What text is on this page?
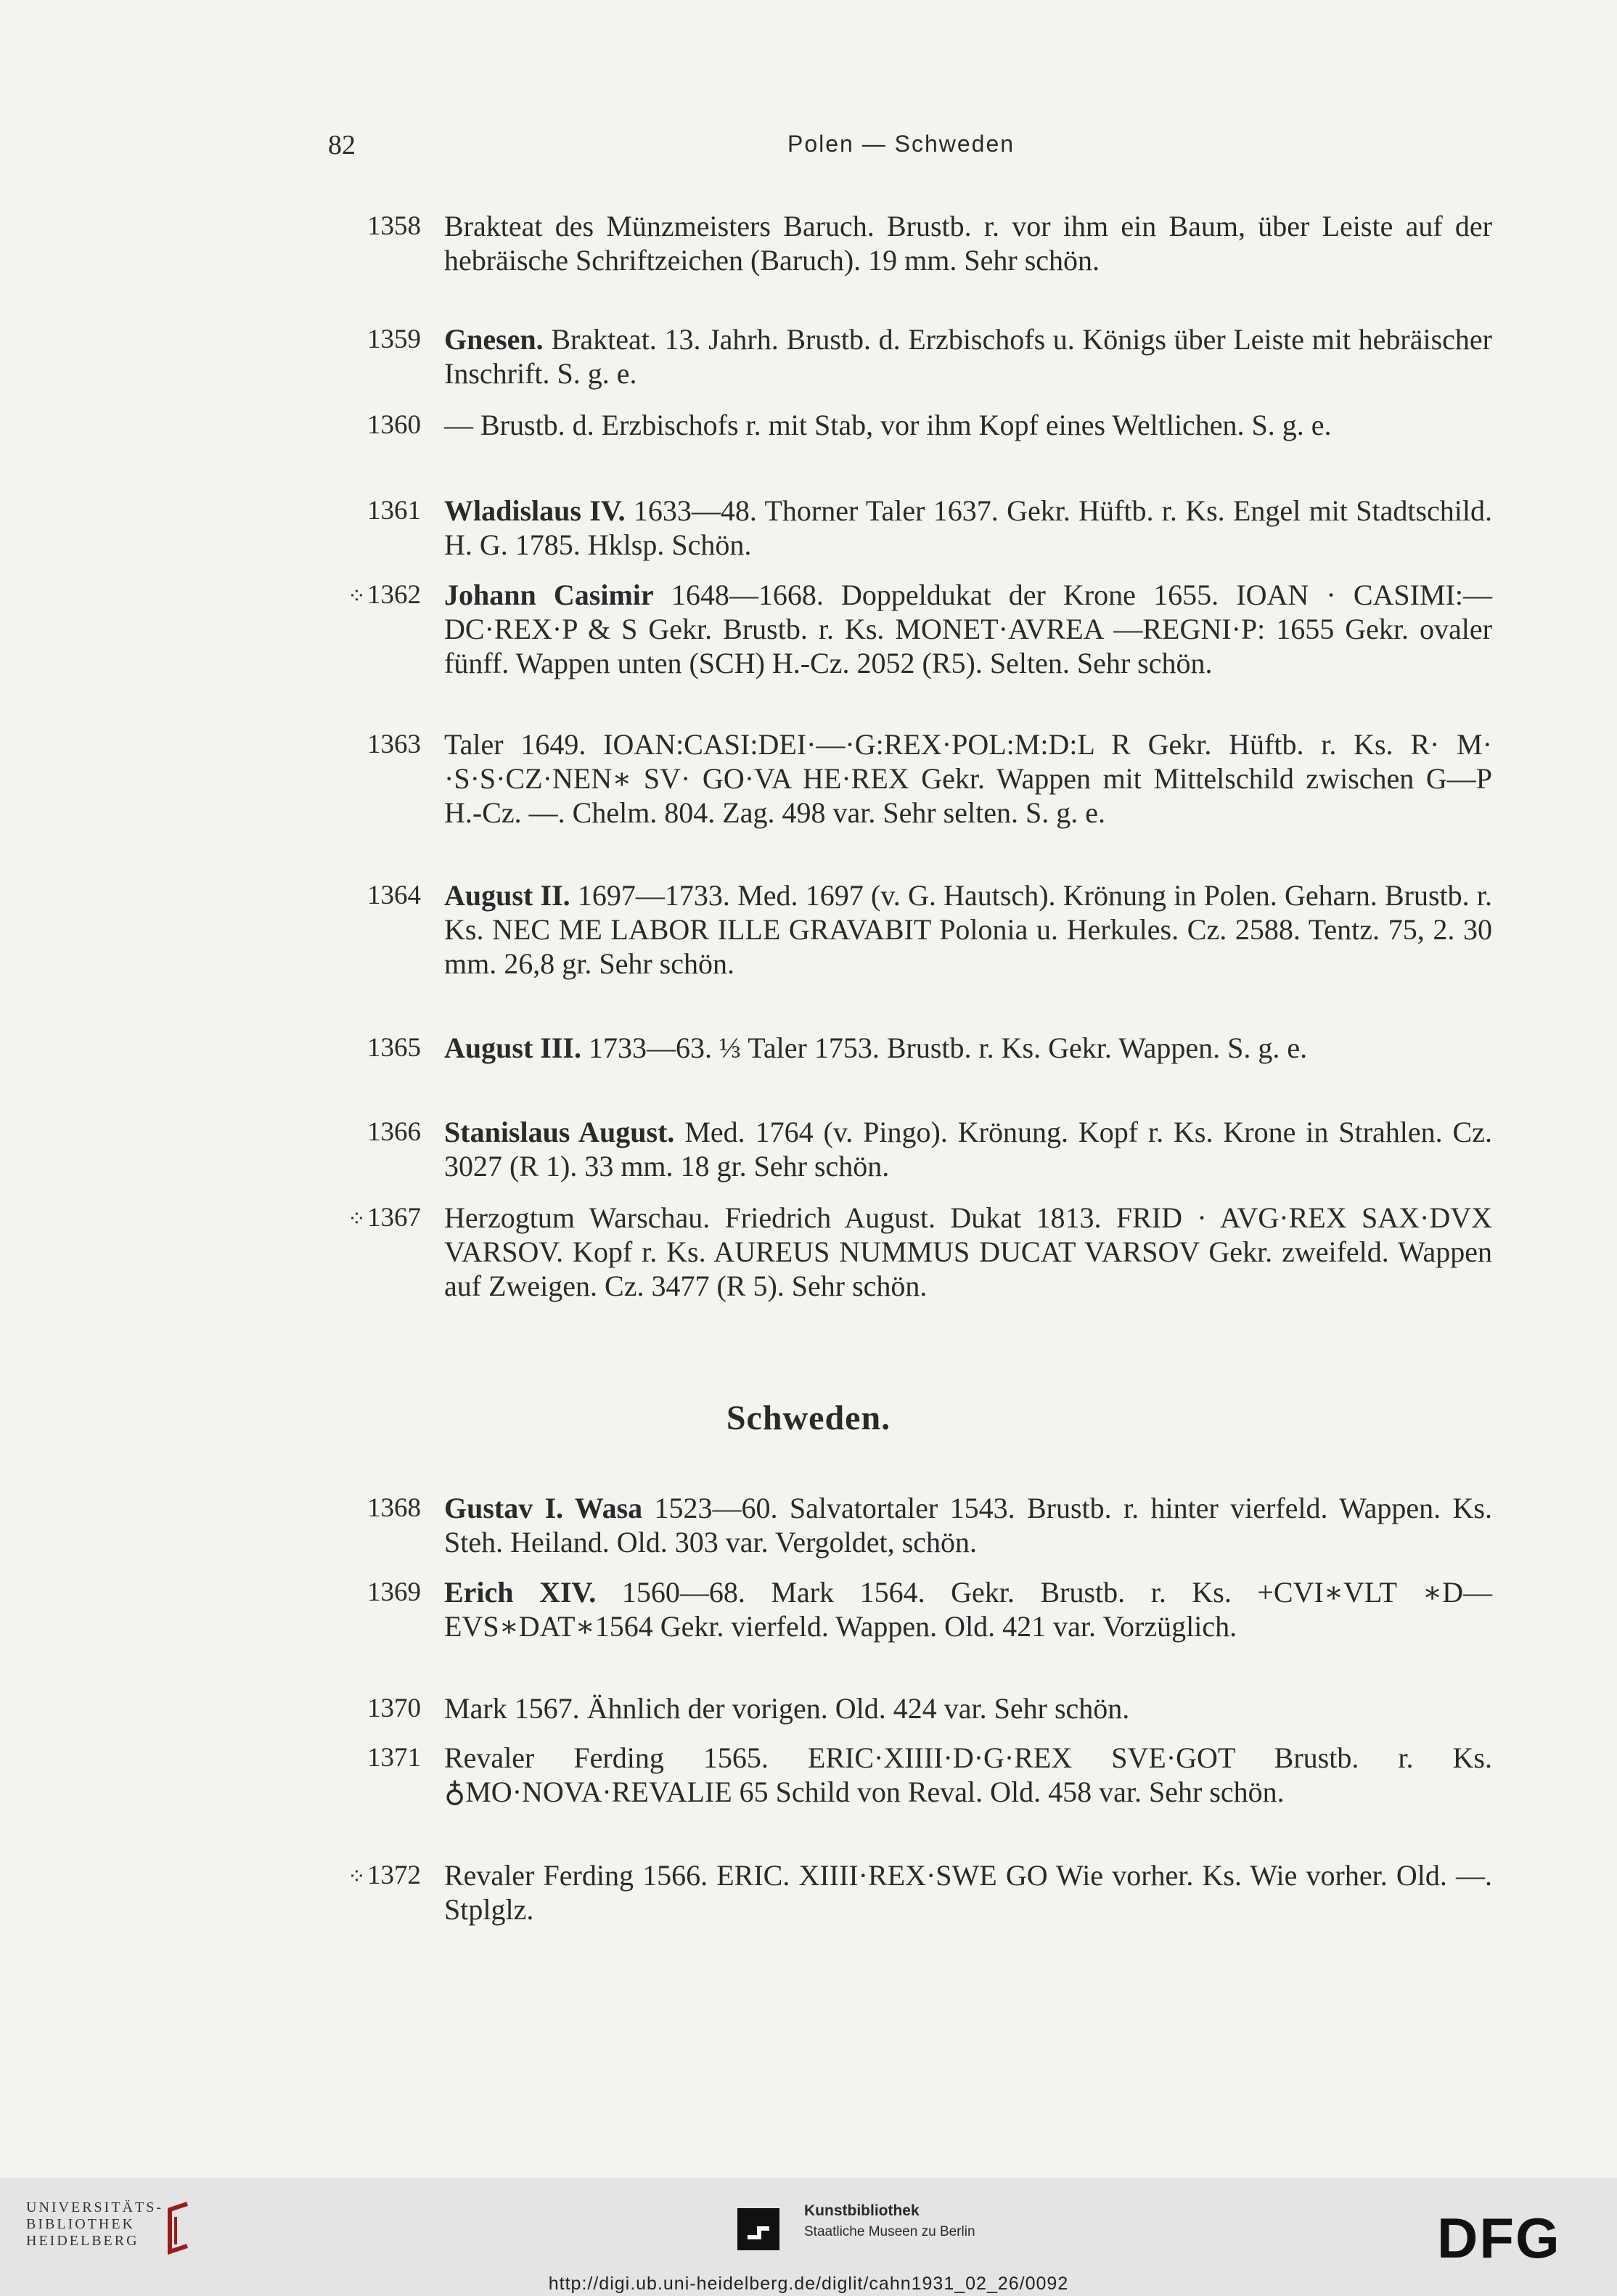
82	Polen — Schweden
1358 Brakteat des Münzmeisters Baruch. Brustb. r. vor ihm ein Baum, über Leiste auf der hebräische Schriftzeichen (Baruch). 19 mm. Sehr schön.
1359 Gnesen. Brakteat. 13. Jahrh. Brustb. d. Erzbischofs u. Königs über Leiste mit hebräischer Inschrift. S. g. e.
1360 — Brustb. d. Erzbischofs r. mit Stab, vor ihm Kopf eines Weltlichen. S. g. e.
1361 Wladislaus IV. 1633—48. Thorner Taler 1637. Gekr. Hüftb. r. Ks. Engel mit Stadtschild. H. G. 1785. Hklsp. Schön.
⁘1362 Johann Casimir 1648—1668. Doppeldukat der Krone 1655. IOAN · CASIMI:—DC·REX·P & S Gekr. Brustb. r. Ks. MONET·AVREA —REGNI·P: 1655 Gekr. ovaler fünff. Wappen unten (SCH) H.-Cz. 2052 (R5). Selten. Sehr schön.
1363 Taler 1649. IOAN:CASI:DEI·—·G:REX·POL:M:D:L R Gekr. Hüftb. r. Ks. R· M· ·S·S·CZ·NEN∗ SV· GO·VA HE·REX Gekr. Wappen mit Mittelschild zwischen G—P H.-Cz. —. Chelm. 804. Zag. 498 var. Sehr selten. S. g. e.
1364 August II. 1697—1733. Med. 1697 (v. G. Hautsch). Krönung in Polen. Geharn. Brustb. r. Ks. NEC ME LABOR ILLE GRAVABIT Polonia u. Herkules. Cz. 2588. Tentz. 75, 2. 30 mm. 26,8 gr. Sehr schön.
1365 August III. 1733—63. ⅓ Taler 1753. Brustb. r. Ks. Gekr. Wappen. S. g. e.
1366 Stanislaus August. Med. 1764 (v. Pingo). Krönung. Kopf r. Ks. Krone in Strahlen. Cz. 3027 (R 1). 33 mm. 18 gr. Sehr schön.
⁘1367 Herzogtum Warschau. Friedrich August. Dukat 1813. FRID · AVG·REX SAX·DVX VARSOV. Kopf r. Ks. AUREUS NUMMUS DUCAT VARSOV Gekr. zweifeld. Wappen auf Zweigen. Cz. 3477 (R 5). Sehr schön.
Schweden.
1368 Gustav I. Wasa 1523—60. Salvatortaler 1543. Brustb. r. hinter vierfeld. Wappen. Ks. Steh. Heiland. Old. 303 var. Vergoldet, schön.
1369 Erich XIV. 1560—68. Mark 1564. Gekr. Brustb. r. Ks. +CVI∗VLT ∗D—EVS∗DAT∗1564 Gekr. vierfeld. Wappen. Old. 421 var. Vorzüglich.
1370 Mark 1567. Ähnlich der vorigen. Old. 424 var. Sehr schön.
1371 Revaler Ferding 1565. ERIC·XIIII·D·G·REX SVE·GOT Brustb. r. Ks. ♁MO·NOVA·REVALIE 65 Schild von Reval. Old. 458 var. Sehr schön.
⁘1372 Revaler Ferding 1566. ERIC. XIIII·REX·SWE GO Wie vorher. Ks. Wie vorher. Old. —. Stplglz.
UNIVERSITÄTS-
BIBLIOTHEK
HEIDELBERG
Kunstbibliothek
Staatliche Museen zu Berlin	DFG
http://digi.ub.uni-heidelberg.de/diglit/cahn1931_02_26/0092
